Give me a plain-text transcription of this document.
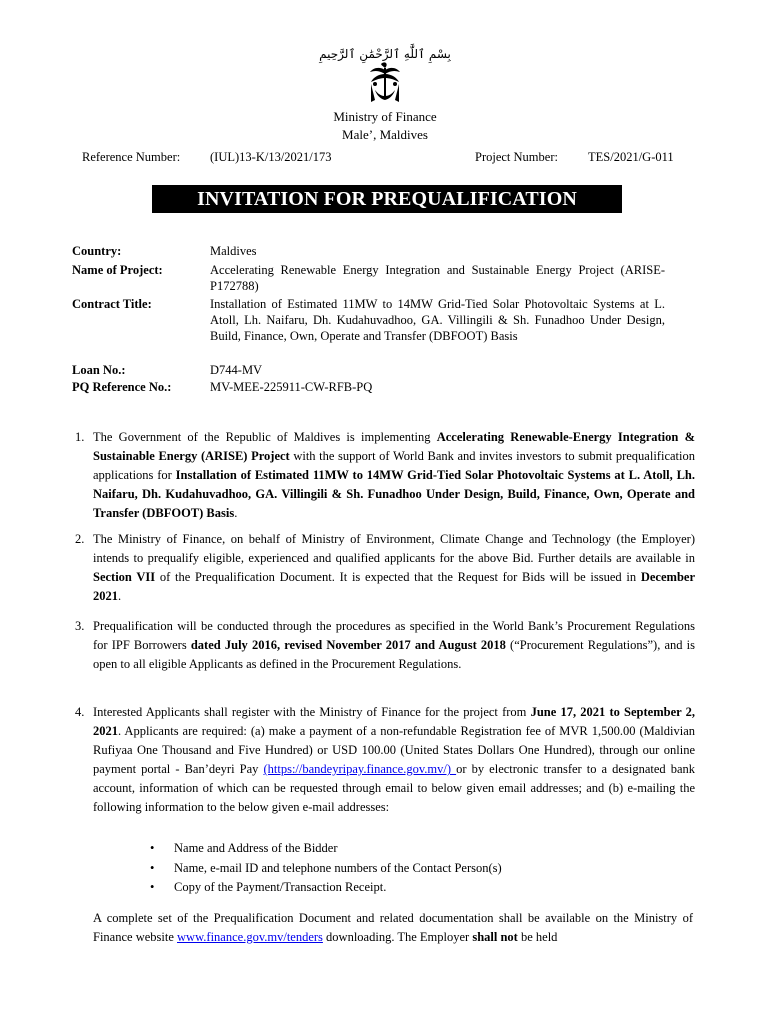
بِسْمِ ٱللَّٰهِ ٱلرَّحْمَٰنِ ٱلرَّحِيمِ
Ministry of Finance
Male’, Maldives
Reference Number: (IUL)13-K/13/2021/173	Project Number: TES/2021/G-011
INVITATION FOR PREQUALIFICATION
Country:	Maldives
Name of Project:	Accelerating Renewable Energy Integration and Sustainable Energy Project (ARISE-P172788)
Contract Title:	Installation of Estimated 11MW to 14MW Grid-Tied Solar Photovoltaic Systems at L. Atoll, Lh. Naifaru, Dh. Kudahuvadhoo, GA. Villingili & Sh. Funadhoo Under Design, Build, Finance, Own, Operate and Transfer (DBFOOT) Basis
Loan No.:	D744-MV
PQ Reference No.:	MV-MEE-225911-CW-RFB-PQ
1. The Government of the Republic of Maldives is implementing Accelerating Renewable-Energy Integration & Sustainable Energy (ARISE) Project with the support of World Bank and invites investors to submit prequalification applications for Installation of Estimated 11MW to 14MW Grid-Tied Solar Photovoltaic Systems at L. Atoll, Lh. Naifaru, Dh. Kudahuvadhoo, GA. Villingili & Sh. Funadhoo Under Design, Build, Finance, Own, Operate and Transfer (DBFOOT) Basis.
2. The Ministry of Finance, on behalf of Ministry of Environment, Climate Change and Technology (the Employer) intends to prequalify eligible, experienced and qualified applicants for the above Bid. Further details are available in Section VII of the Prequalification Document. It is expected that the Request for Bids will be issued in December 2021.
3. Prequalification will be conducted through the procedures as specified in the World Bank’s Procurement Regulations for IPF Borrowers dated July 2016, revised November 2017 and August 2018 (“Procurement Regulations”), and is open to all eligible Applicants as defined in the Procurement Regulations.
4. Interested Applicants shall register with the Ministry of Finance for the project from June 17, 2021 to September 2, 2021. Applicants are required: (a) make a payment of a non-refundable Registration fee of MVR 1,500.00 (Maldivian Rufiyaa One Thousand and Five Hundred) or USD 100.00 (United States Dollars One Hundred), through our online payment portal - Ban’deyri Pay (https://bandeyripay.finance.gov.mv/) or by electronic transfer to a designated bank account, information of which can be requested through email to below given email addresses; and (b) e-mailing the following information to the below given e-mail addresses:
• Name and Address of the Bidder
• Name, e-mail ID and telephone numbers of the Contact Person(s)
• Copy of the Payment/Transaction Receipt.
A complete set of the Prequalification Document and related documentation shall be available on the Ministry of Finance website www.finance.gov.mv/tenders downloading. The Employer shall not be held
